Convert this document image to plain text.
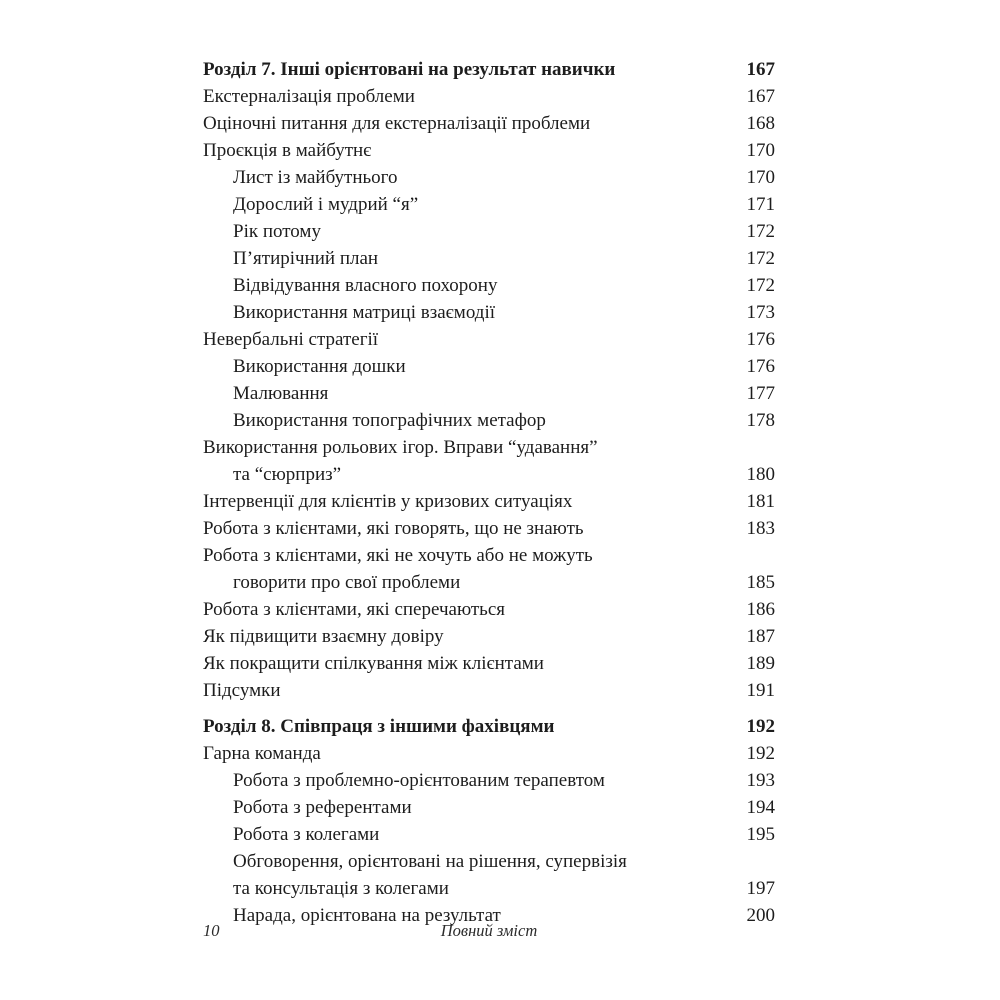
Розділ 7. Інші орієнтовані на результат навички	167
Екстерналізація проблеми	167
Оціночні питання для екстерналізації проблеми	168
Проєкція в майбутнє	170
Лист із майбутнього	170
Дорослий і мудрий “я”	171
Рік потому	172
П’ятирічний план	172
Відвідування власного похорону	172
Використання матриці взаємодії	173
Невербальні стратегії	176
Використання дошки	176
Малювання	177
Використання топографічних метафор	178
Використання рольових ігор. Вправи “удавання”
та “сюрприз”	180
Інтервенції для клієнтів у кризових ситуаціях	181
Робота з клієнтами, які говорять, що не знають	183
Робота з клієнтами, які не хочуть або не можуть
говорити про свої проблеми	185
Робота з клієнтами, які сперечаються	186
Як підвищити взаємну довіру	187
Як покращити спілкування між клієнтами	189
Підсумки	191
Розділ 8. Співпраця з іншими фахівцями	192
Гарна команда	192
Робота з проблемно-орієнтованим терапевтом	193
Робота з референтами	194
Робота з колегами	195
Обговорення, орієнтовані на рішення, супервізія
та консультація з колегами	197
Нарада, орієнтована на результат	200
10	Повний зміст
